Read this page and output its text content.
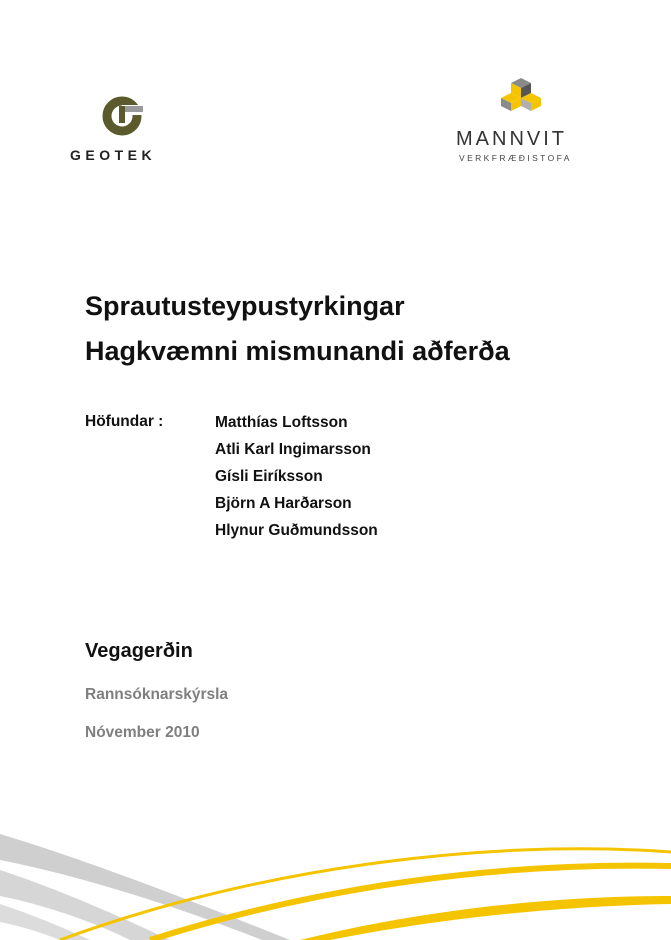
GEOTEK
MANNVIT
VERKFRÆÐISTOFA
Sprautusteypustyrkingar
Hagkvæmni mismunandi aðferða
Höfundar :	Matthías Loftsson
Atli Karl Ingimarsson
Gísli Eiríksson
Björn A Harðarson
Hlynur Guðmundsson
Vegagerðin
Rannsóknarskýrsla
Nóvember 2010
